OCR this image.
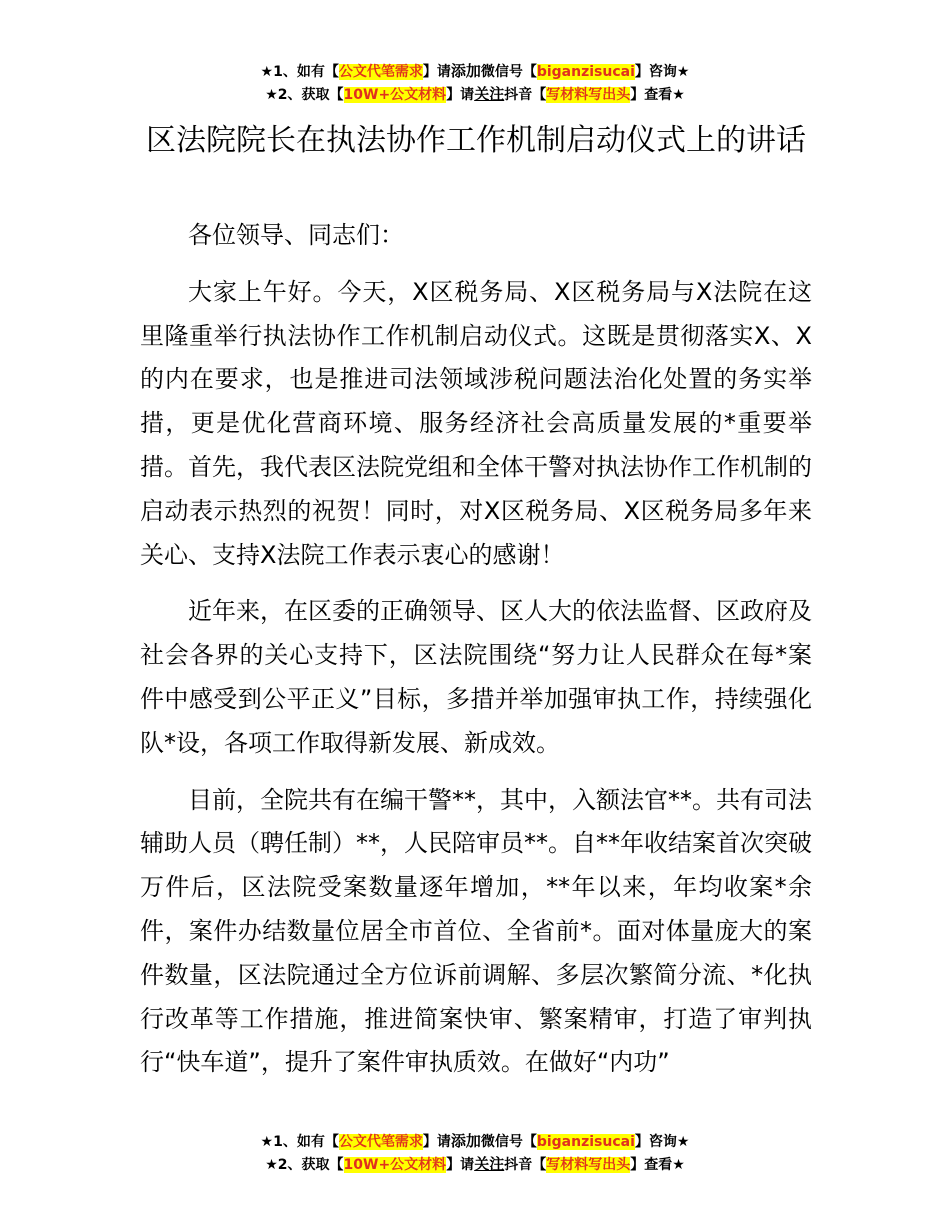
★1、如有【公文代笔需求】请添加微信号【biganzisucai】咨询★
★2、获取【10W+公文材料】请关注抖音【写材料写出头】查看★
区法院院长在执法协作工作机制启动仪式上的讲话

各位领导、同志们：

大家上午好。今天，X区税务局、X区税务局与X法院在这里隆重举行执法协作工作机制启动仪式。这既是贯彻落实X、X的内在要求，也是推进司法领域涉税问题法治化处置的务实举措，更是优化营商环境、服务经济社会高质量发展的*重要举措。首先，我代表区法院党组和全体干警对执法协作工作机制的启动表示热烈的祝贺！同时，对X区税务局、X区税务局多年来关心、支持X法院工作表示衷心的感谢！

近年来，在区委的正确领导、区人大的依法监督、区政府及社会各界的关心支持下，区法院围绕“努力让人民群众在每*案件中感受到公平正义”目标，多措并举加强审执工作，持续强化队*设，各项工作取得新发展、新成效。

目前，全院共有在编干警**，其中，入额法官**。共有司法辅助人员（聘任制）**，人民陪审员**。自**年收结案首次突破万件后，区法院受案数量逐年增加，**年以来，年均收案*余件，案件办结数量位居全市首位、全省前*。面对体量庞大的案件数量，区法院通过全方位诉前调解、多层次繁简分流、*化执行改革等工作措施，推进简案快审、繁案精审，打造了审判执行“快车道”，提升了案件审执质效。在做好“内功”

★1、如有【公文代笔需求】请添加微信号【biganzisucai】咨询★
★2、获取【10W+公文材料】请关注抖音【写材料写出头】查看★
